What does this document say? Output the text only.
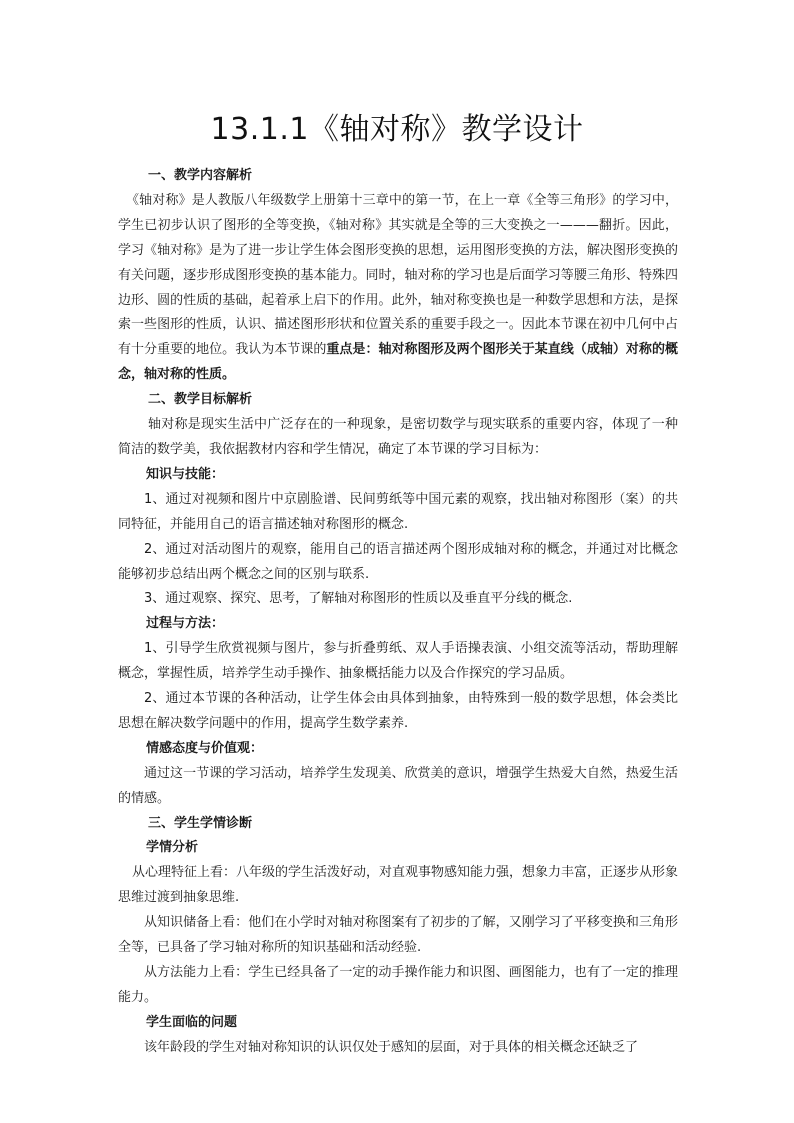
13.1.1《轴对称》教学设计

一、教学内容解析

《轴对称》是人教版八年级数学上册第十三章中的第一节，在上一章《全等三角形》的学习中，学生已初步认识了图形的全等变换，《轴对称》其实就是全等的三大变换之一———翻折。因此，学习《轴对称》是为了进一步让学生体会图形变换的思想，运用图形变换的方法，解决图形变换的有关问题，逐步形成图形变换的基本能力。同时，轴对称的学习也是后面学习等腰三角形、特殊四边形、圆的性质的基础，起着承上启下的作用。此外，轴对称变换也是一种数学思想和方法，是探索一些图形的性质，认识、描述图形形状和位置关系的重要手段之一。因此本节课在初中几何中占有十分重要的地位。我认为本节课的重点是：轴对称图形及两个图形关于某直线（成轴）对称的概念，轴对称的性质。

二、教学目标解析

轴对称是现实生活中广泛存在的一种现象，是密切数学与现实联系的重要内容，体现了一种简洁的数学美，我依据教材内容和学生情况，确定了本节课的学习目标为：

知识与技能：

1、通过对视频和图片中京剧脸谱、民间剪纸等中国元素的观察，找出轴对称图形（案）的共同特征，并能用自己的语言描述轴对称图形的概念.

2、通过对活动图片的观察，能用自己的语言描述两个图形成轴对称的概念，并通过对比概念能够初步总结出两个概念之间的区别与联系.

3、通过观察、探究、思考，了解轴对称图形的性质以及垂直平分线的概念.

过程与方法：

1、引导学生欣赏视频与图片，参与折叠剪纸、双人手语操表演、小组交流等活动，帮助理解概念，掌握性质，培养学生动手操作、抽象概括能力以及合作探究的学习品质。

2、通过本节课的各种活动，让学生体会由具体到抽象，由特殊到一般的数学思想，体会类比思想在解决数学问题中的作用，提高学生数学素养.

情感态度与价值观：

通过这一节课的学习活动，培养学生发现美、欣赏美的意识，增强学生热爱大自然，热爱生活的情感。

三、学生学情诊断

学情分析

从心理特征上看：八年级的学生活泼好动，对直观事物感知能力强，想象力丰富，正逐步从形象思维过渡到抽象思维.

从知识储备上看：他们在小学时对轴对称图案有了初步的了解，又刚学习了平移变换和三角形全等，已具备了学习轴对称所的知识基础和活动经验.

从方法能力上看：学生已经具备了一定的动手操作能力和识图、画图能力，也有了一定的推理能力。

学生面临的问题

该年龄段的学生对轴对称知识的认识仅处于感知的层面，对于具体的相关概念还缺乏了
